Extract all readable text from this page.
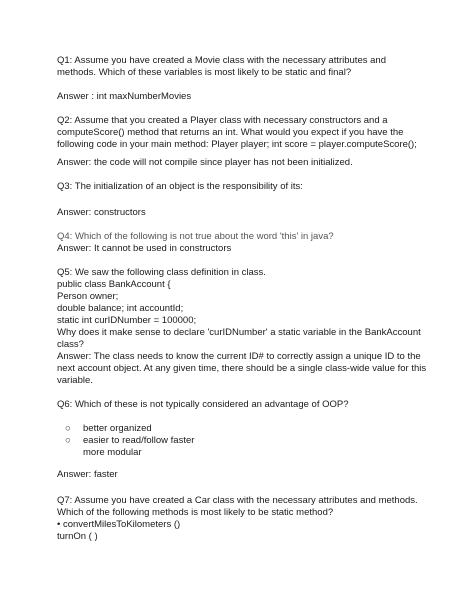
Q1: Assume you have created a Movie class with the necessary attributes and
methods. Which of these variables is most likely to be static and final?
Answer : int maxNumberMovies
Q2: Assume that you created a Player class with necessary constructors and a
computeScore() method that returns an int. What would you expect if you have the
following code in your main method: Player player; int score = player.computeScore();
Answer: the code will not compile since player has not been initialized.
Q3: The initialization of an object is the responsibility of its:
Answer: constructors
Q4: Which of the following is not true about the word 'this' in java?
Answer: It cannot be used in constructors
Q5: We saw the following class definition in class.
public class BankAccount {
Person owner;
double balance; int accountId;
static int curIDNumber = 100000;
Why does it make sense to declare 'curIDNumber' a static variable in the BankAccount
class?
Answer: The class needs to know the current ID# to correctly assign a unique ID to the
next account object. At any given time, there should be a single class-wide value for this
variable.
Q6: Which of these is not typically considered an advantage of OOP?
○ better organized
○ easier to read/follow faster
more modular
Answer: faster
Q7: Assume you have created a Car class with the necessary attributes and methods.
Which of the following methods is most likely to be static method?
• convertMilesToKilometers ()
turnOn ( )
